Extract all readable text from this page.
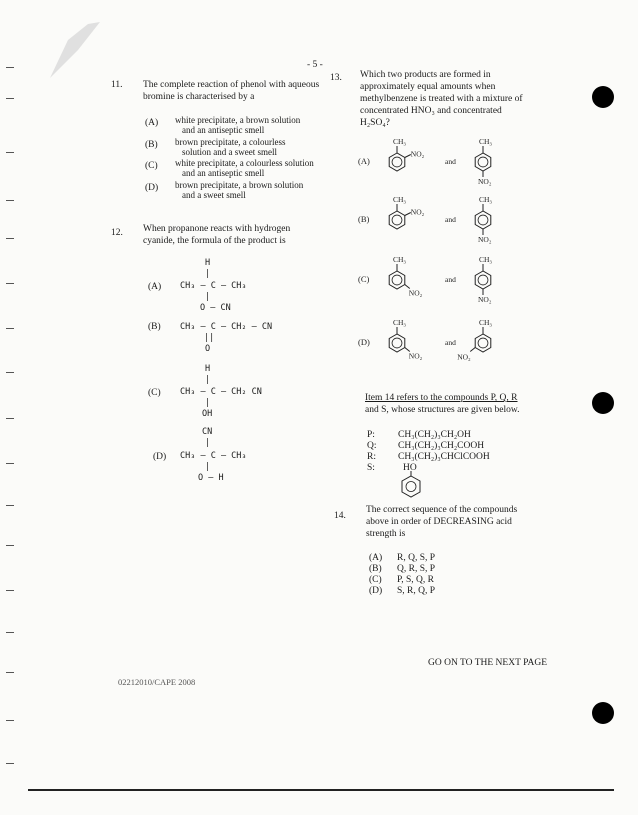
- 5 -
11. The complete reaction of phenol with aqueous
bromine is characterised by a
(A) white precipitate, a brown solution
and an antiseptic smell
(B) brown precipitate, a colourless
solution and a sweet smell
(C) white precipitate, a colourless solution
and an antiseptic smell
(D) brown precipitate, a brown solution
and a sweet smell
12. When propanone reacts with hydrogen
cyanide, the formula of the product is
(A)
H
|
CH₃ – C – CH₃
|
O – CN
(B) CH₃ – C – CH₂ – CN
||
O
(C)
H
|
CH₃ – C – CH₂ CN
|
OH
(D)
CN
|
CH₃ – C – CH₃
|
O – H
13. Which two products are formed in
approximately equal amounts when
methylbenzene is treated with a mixture of
concentrated HNO₃ and concentrated
H₂SO₄?
(A)
CH₃
NO₂
and
CH₃
NO₂
(B)
CH₃
NO₂
and
CH₃
NO₂
(C)
CH₃
NO₂
and
CH₃
NO₂
(D)
CH₃
NO₂
and
CH₃
NO₂
Item 14 refers to the compounds P, Q, R
and S, whose structures are given below.
P: CH₃(CH₂)₃CH₂OH
Q: CH₃(CH₂)₃CH₂COOH
R: CH₃(CH₂)₃CHClCOOH
S:	HO
14.
The correct sequence of the compounds
above in order of DECREASING acid
strength is
(A) R, Q, S, P
(B) Q, R, S, P
(C) P, S, Q, R
(D) S, R, Q, P
GO ON TO THE NEXT PAGE
02212010/CAPE 2008
